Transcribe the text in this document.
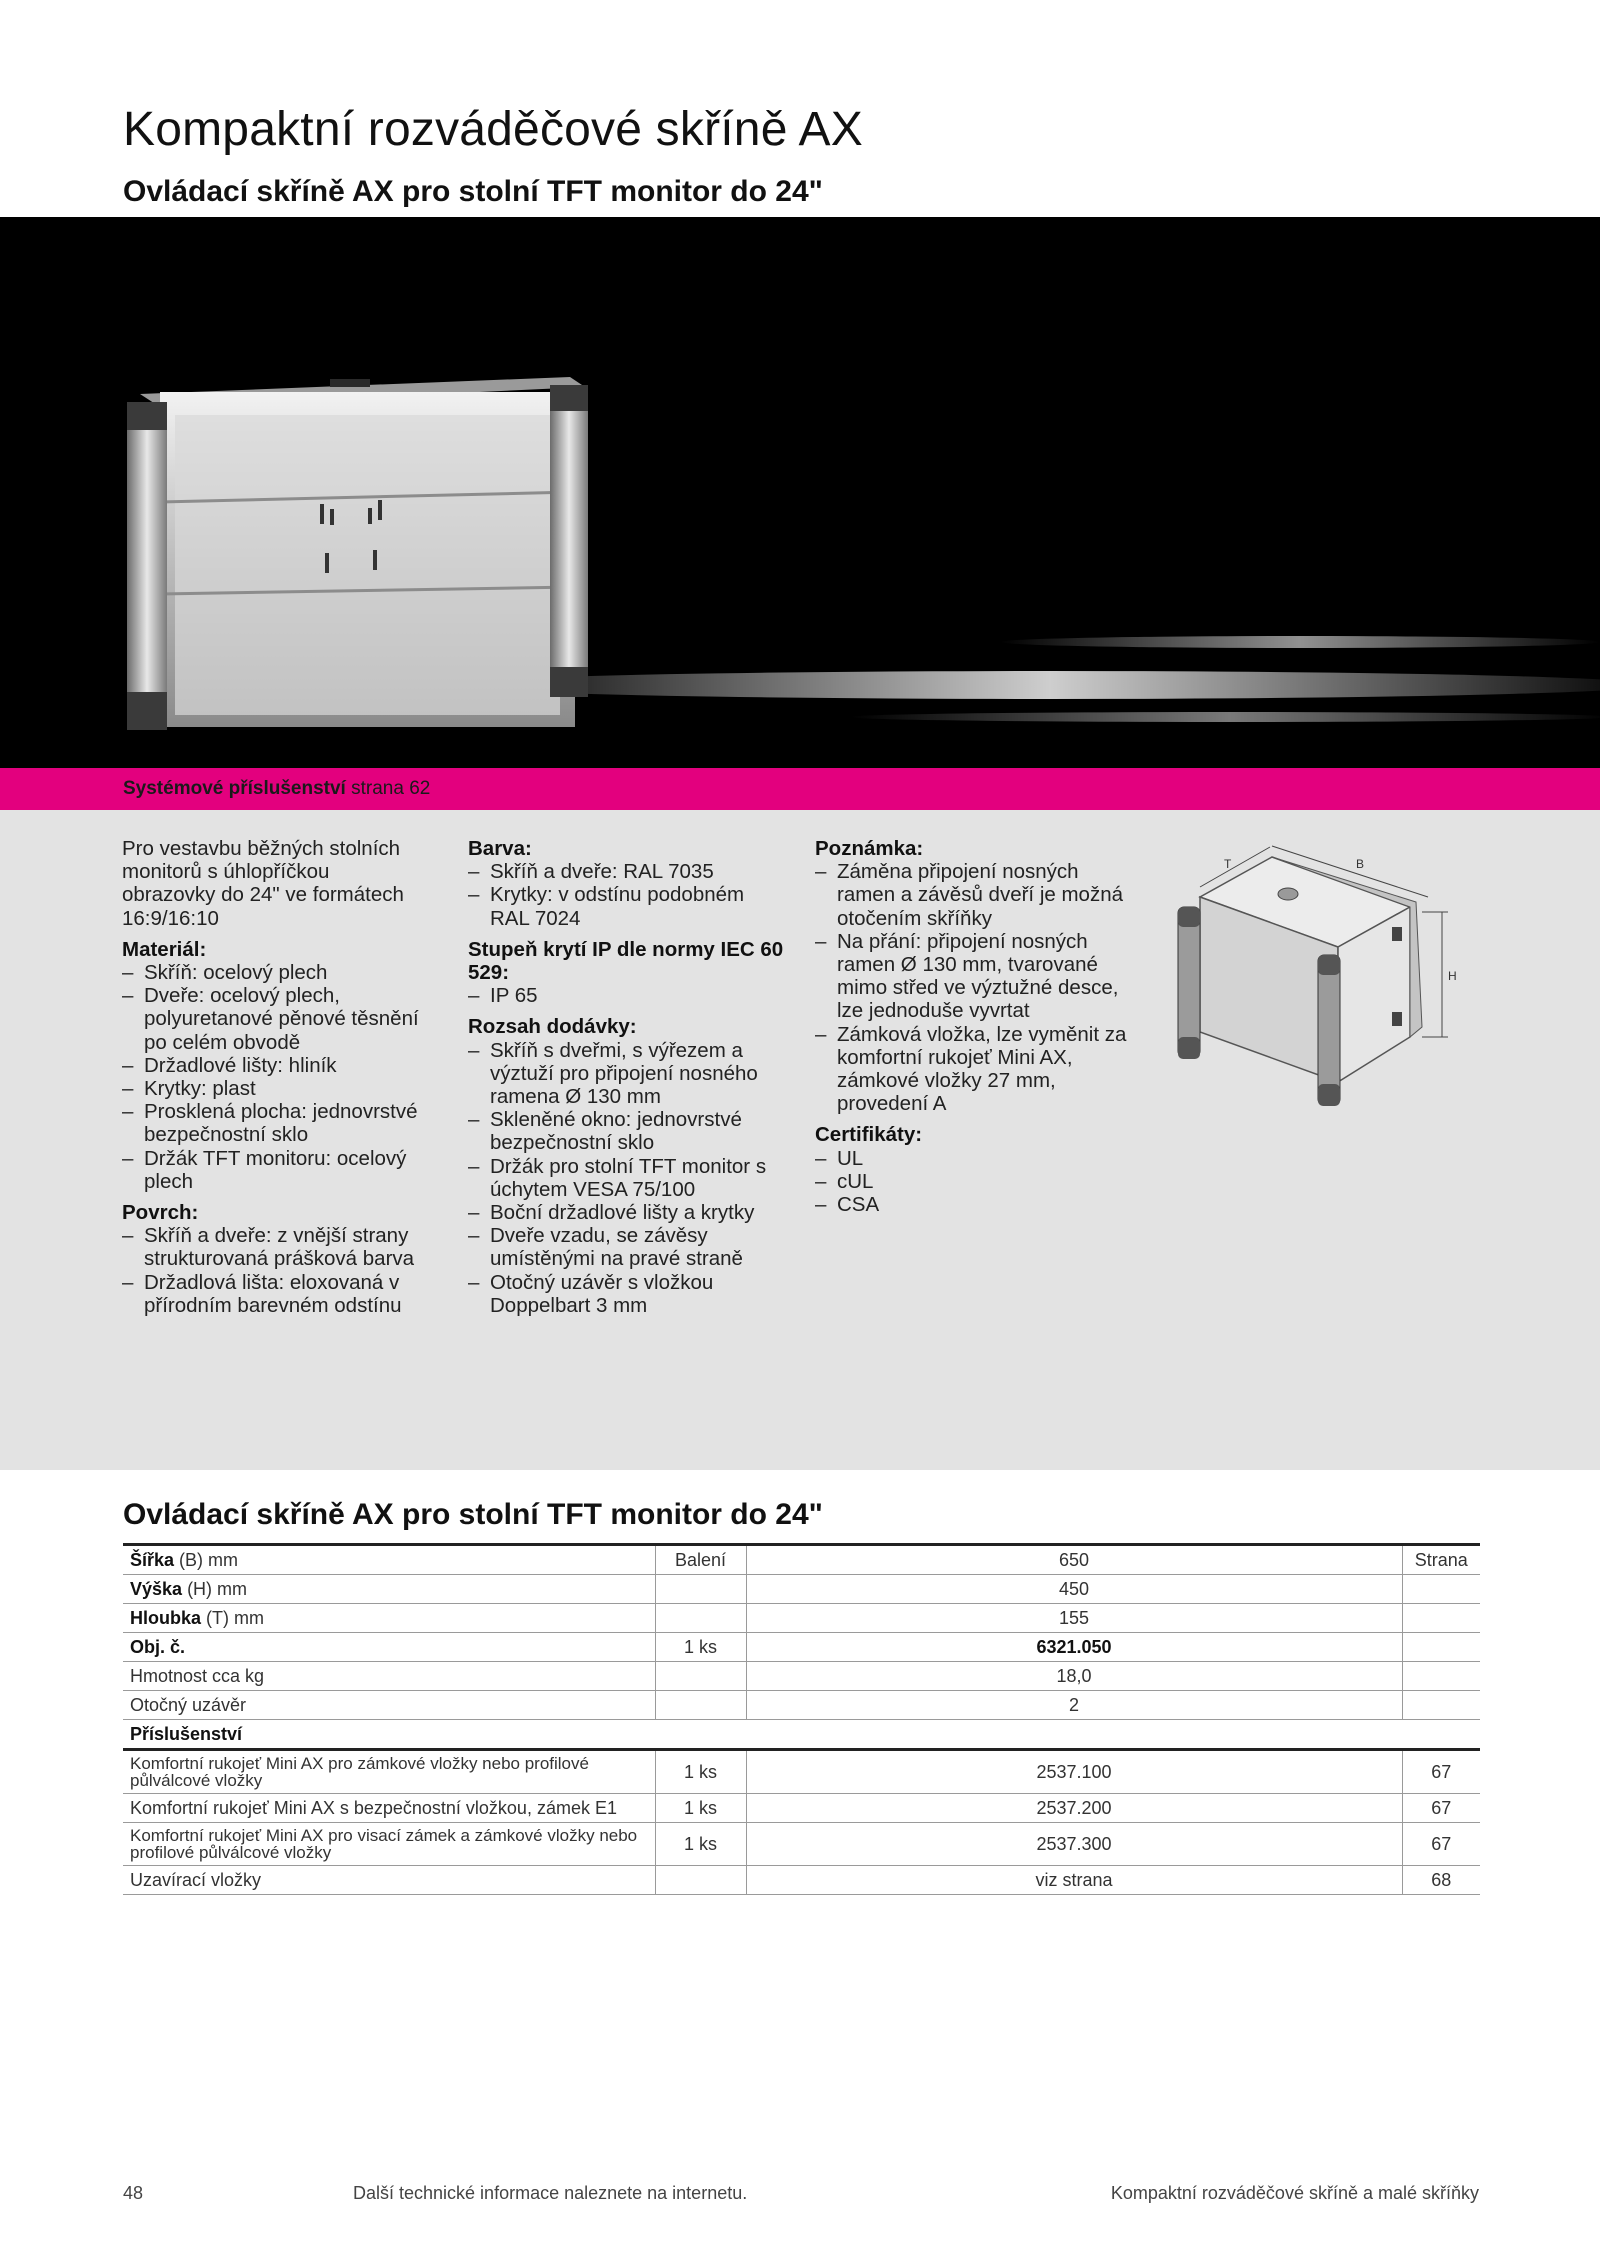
Kompaktní rozváděčové skříně AX
Ovládací skříně AX pro stolní TFT monitor do 24"
Systémové příslušenství strana 62

Pro vestavbu běžných stolních monitorů s úhlopříčkou obrazovky do 24" ve formátech 16:9/16:10

Materiál:
– Skříň: ocelový plech
– Dveře: ocelový plech, polyuretanové pěnové těsnění po celém obvodě
– Držadlové lišty: hliník
– Krytky: plast
– Prosklená plocha: jednovrstvé bezpečnostní sklo
– Držák TFT monitoru: ocelový plech
Povrch:
– Skříň a dveře: z vnější strany strukturovaná prášková barva
– Držadlová lišta: eloxovaná v přírodním barevném odstínu
Barva:
– Skříň a dveře: RAL 7035
– Krytky: v odstínu podobném RAL 7024
Stupeň krytí IP dle normy IEC 60 529:
– IP 65
Rozsah dodávky:
– Skříň s dveřmi, s výřezem a výztuží pro připojení nosného ramena Ø 130 mm
– Skleněné okno: jednovrstvé bezpečnostní sklo
– Držák pro stolní TFT monitor s úchytem VESA 75/100
– Boční držadlové lišty a krytky
– Dveře vzadu, se závěsy umístěnými na pravé straně
– Otočný uzávěr s vložkou Doppelbart 3 mm
Poznámka:
– Záměna připojení nosných ramen a závěsů dveří je možná otočením skříňky
– Na přání: připojení nosných ramen Ø 130 mm, tvarované mimo střed ve výztužné desce, lze jednoduše vyvrtat
– Zámková vložka, lze vyměnit za komfortní rukojeť Mini AX, zámkové vložky 27 mm, provedení A
Certifikáty:
– UL
– cUL
– CSA
T	B
H
Ovládací skříně AX pro stolní TFT monitor do 24"
Šířka (B) mm	Balení	650	Strana
Výška (H) mm		450	
Hloubka (T) mm		155	
Obj. č.	1 ks	6321.050	
Hmotnost cca kg		18,0	
Otočný uzávěr		2	
Příslušenství			
Komfortní rukojeť Mini AX pro zámkové vložky nebo profilové půlválcové vložky	1 ks	2537.100	67
Komfortní rukojeť Mini AX s bezpečnostní vložkou, zámek E1	1 ks	2537.200	67
Komfortní rukojeť Mini AX pro visací zámek a zámkové vložky nebo profilové půlválcové vložky	1 ks	2537.300	67
Uzavírací vložky		viz strana	68
48	Další technické informace naleznete na internetu.	Kompaktní rozváděčové skříně a malé skříňky
